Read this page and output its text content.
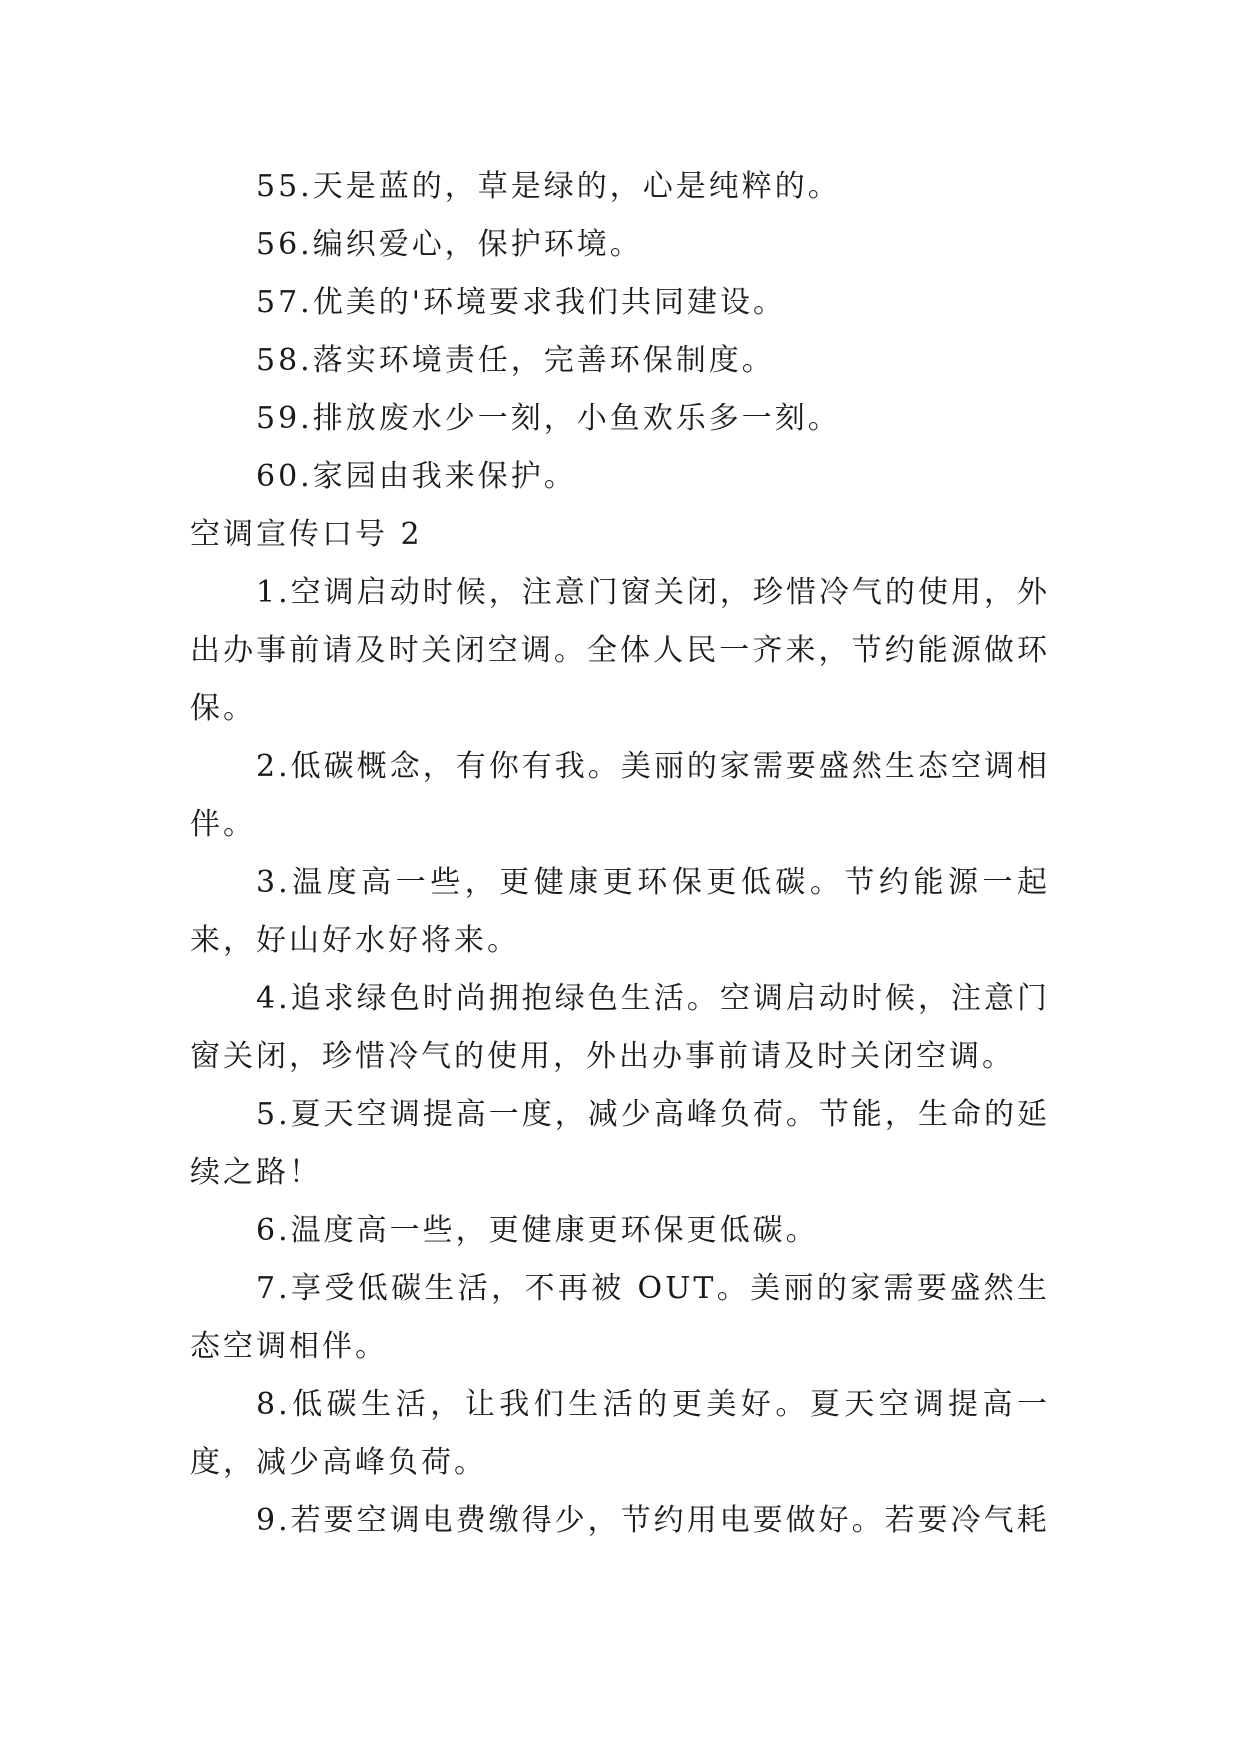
55.天是蓝的，草是绿的，心是纯粹的。

56.编织爱心，保护环境。

57.优美的'环境要求我们共同建设。

58.落实环境责任，完善环保制度。

59.排放废水少一刻，小鱼欢乐多一刻。

60.家园由我来保护。

空调宣传口号 2

1.空调启动时候，注意门窗关闭，珍惜冷气的使用，外出办事前请及时关闭空调。全体人民一齐来，节约能源做环保。

2.低碳概念，有你有我。美丽的家需要盛然生态空调相伴。

3.温度高一些，更健康更环保更低碳。节约能源一起来，好山好水好将来。

4.追求绿色时尚拥抱绿色生活。空调启动时候，注意门窗关闭，珍惜冷气的使用，外出办事前请及时关闭空调。

5.夏天空调提高一度，减少高峰负荷。节能，生命的延续之路！

6.温度高一些，更健康更环保更低碳。

7.享受低碳生活，不再被 OUT。美丽的家需要盛然生态空调相伴。

8.低碳生活，让我们生活的更美好。夏天空调提高一度，减少高峰负荷。

9.若要空调电费缴得少，节约用电要做好。若要冷气耗
